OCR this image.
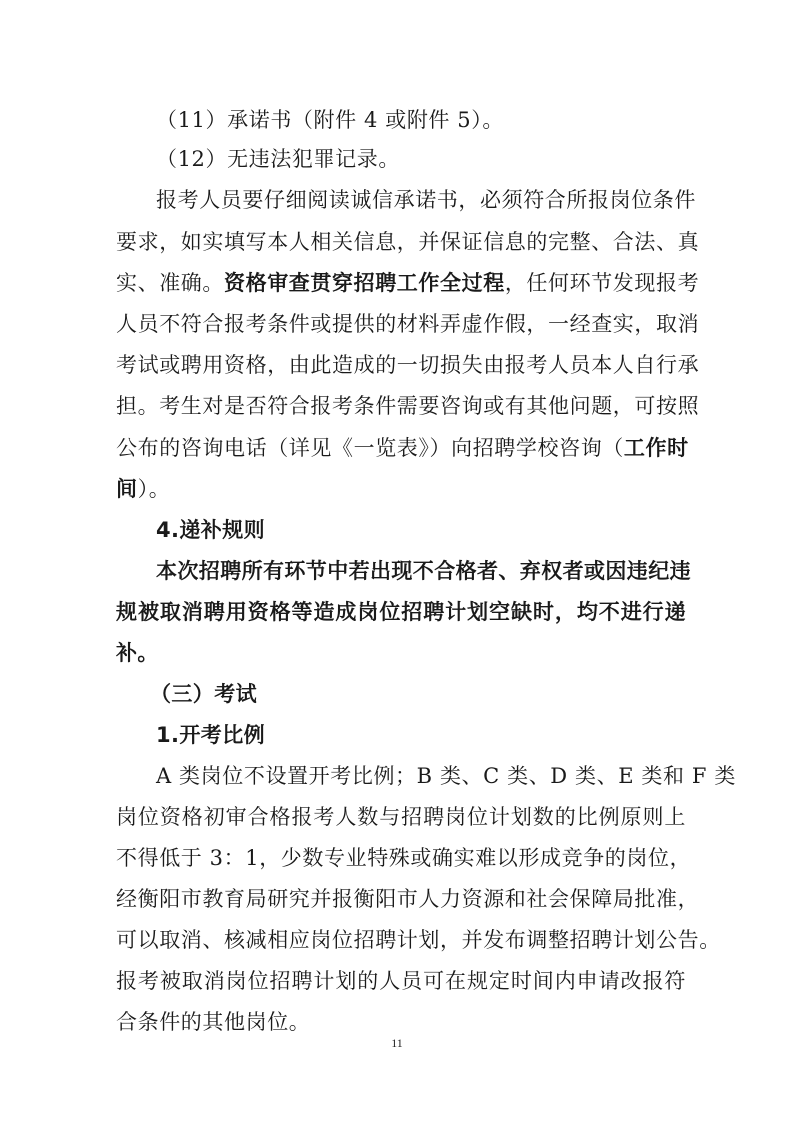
（11）承诺书（附件 4 或附件 5）。
（12）无违法犯罪记录。
报考人员要仔细阅读诚信承诺书，必须符合所报岗位条件
要求，如实填写本人相关信息，并保证信息的完整、合法、真
实、准确。资格审查贯穿招聘工作全过程，任何环节发现报考
人员不符合报考条件或提供的材料弄虚作假，一经查实，取消
考试或聘用资格，由此造成的一切损失由报考人员本人自行承
担。考生对是否符合报考条件需要咨询或有其他问题，可按照
公布的咨询电话（详见《一览表》）向招聘学校咨询（工作时
间）。
4.递补规则
本次招聘所有环节中若出现不合格者、弃权者或因违纪违
规被取消聘用资格等造成岗位招聘计划空缺时，均不进行递
补。
（三）考试
1.开考比例
A 类岗位不设置开考比例；B 类、C 类、D 类、E 类和 F 类
岗位资格初审合格报考人数与招聘岗位计划数的比例原则上
不得低于 3：1，少数专业特殊或确实难以形成竞争的岗位，
经衡阳市教育局研究并报衡阳市人力资源和社会保障局批准，
可以取消、核减相应岗位招聘计划，并发布调整招聘计划公告。
报考被取消岗位招聘计划的人员可在规定时间内申请改报符
合条件的其他岗位。
11
